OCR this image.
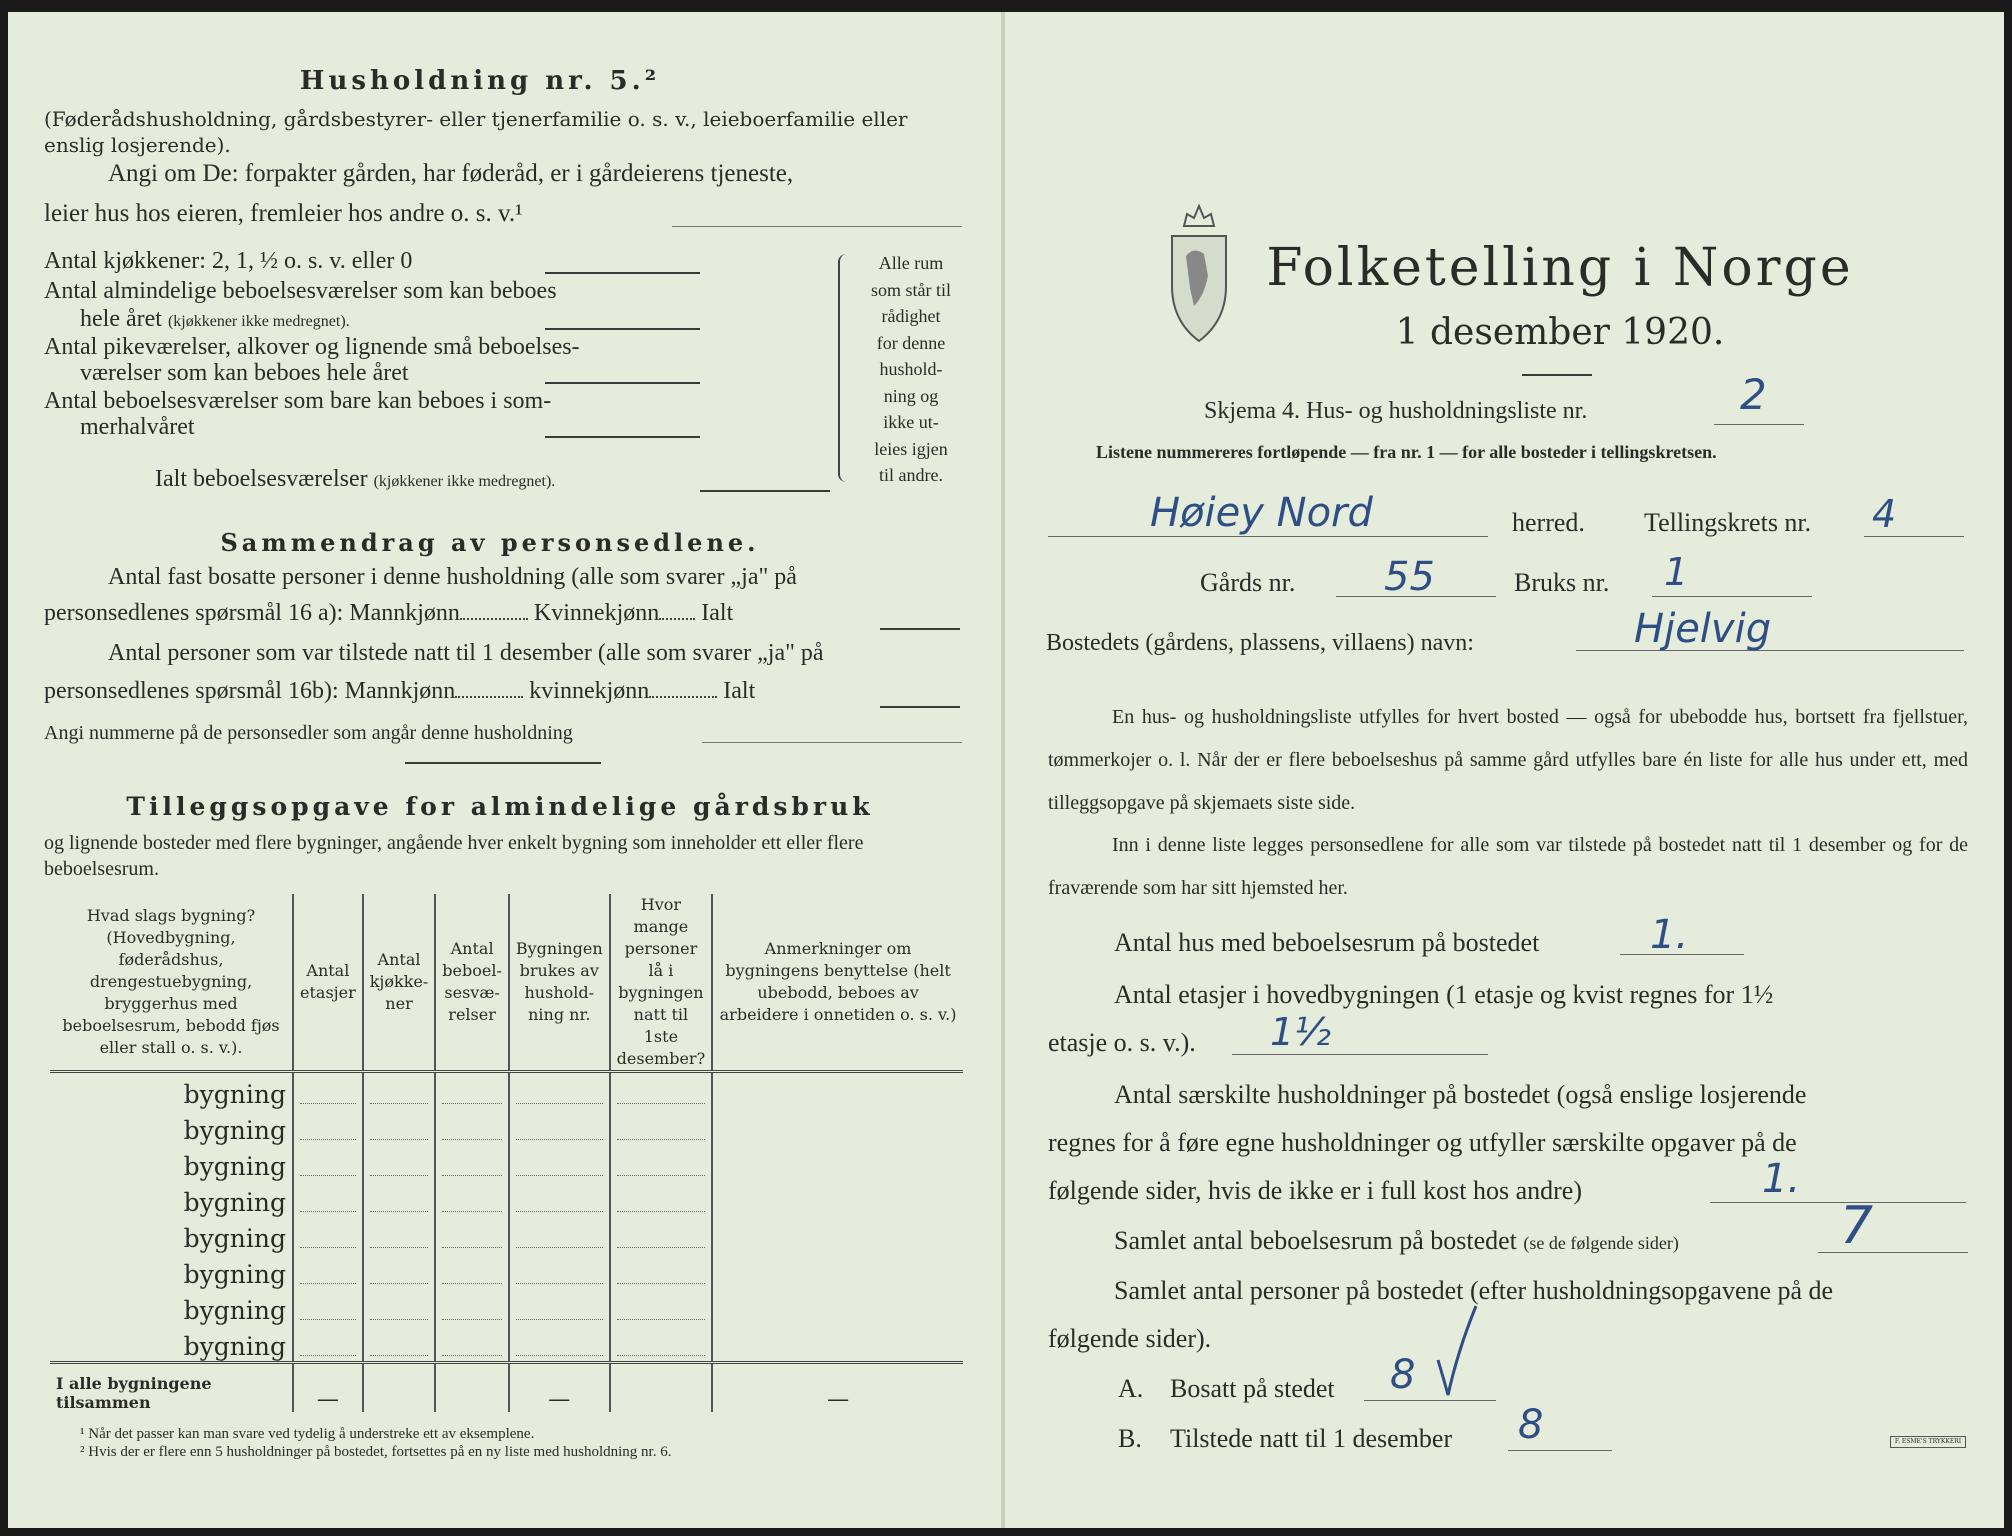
Husholdning nr. 5.²
(Føderådshusholdning, gårdsbestyrer- eller tjenerfamilie o. s. v., leieboerfamilie eller enslig losjerende).
Angi om De: forpakter gården, har føderåd, er i gårdeierens tjeneste,
leier hus hos eieren, fremleier hos andre o. s. v.¹
Antal kjøkkener: 2, 1, ½ o. s. v. eller 0
Antal almindelige beboelsesværelser som kan beboes
hele året (kjøkkener ikke medregnet).
Antal pikeværelser, alkover og lignende små beboelses-
værelser som kan beboes hele året
Antal beboelsesværelser som bare kan beboes i som-
merhalvåret
Ialt beboelsesværelser (kjøkkener ikke medregnet).
Alle rum
som står til
rådighet
for denne
hushold-
ning og
ikke ut-
leies igjen
til andre.
Sammendrag av personsedlene.
Antal fast bosatte personer i denne husholdning (alle som svarer „ja" på
personsedlenes spørsmål 16 a): Mannkjønn	Kvinnekjønn Ialt
Antal personer som var tilstede natt til 1 desember (alle som svarer „ja" på
personsedlenes spørsmål 16b): Mannkjønn	kvinnekjønn	Ialt
Angi nummerne på de personsedler som angår denne husholdning
Tilleggsopgave for almindelige gårdsbruk
og lignende bosteder med flere bygninger, angående hver enkelt bygning som inneholder ett eller flere beboelsesrum.
Hvad slags bygning? (Hovedbygning, føderådshus, drengestuebygning, bryggerhus med beboelsesrum, bebodd fjøs eller stall o. s. v.).	Antal etasjer	Antal kjøkke- ner	Antal beboel- sesvæ- relser	Bygningen brukes av hushold- ning nr.	Hvor mange personer lå i bygningen natt til 1ste desember?	Anmerkninger om bygningens benyttelse (helt ubebodd, beboes av arbeidere i onnetiden o. s. v.)
bygning						
bygning						
bygning						
bygning						
bygning						
bygning						
bygning						
bygning						
I alle bygningene tilsammen	—			—		—
¹ Når det passer kan man svare ved tydelig å understreke ett av eksemplene.
² Hvis der er flere enn 5 husholdninger på bostedet, fortsettes på en ny liste med husholdning nr. 6.
Folketelling i Norge
1 desember 1920.
Skjema 4. Hus- og husholdningsliste nr.	2
Listene nummereres fortløpende — fra nr. 1 — for alle bosteder i tellingskretsen.
Høiey Nord	herred. Tellingskrets nr. 4
Gårds nr. 55	Bruks nr. 1
Bostedets (gårdens, plassens, villaens) navn:	Hjelvig
En hus- og husholdningsliste utfylles for hvert bosted — også for ubebodde hus, bortsett fra fjellstuer, tømmerkojer o. l. Når der er flere beboelseshus på samme gård utfylles bare én liste for alle hus under ett, med tilleggsopgave på skjemaets siste side.
Inn i denne liste legges personsedlene for alle som var tilstede på bostedet natt til 1 desember og for de fraværende som har sitt hjemsted her.
Antal hus med beboelsesrum på bostedet	1.
Antal etasjer i hovedbygningen (1 etasje og kvist regnes for 1½
etasje o. s. v.). 1½
Antal særskilte husholdninger på bostedet (også enslige losjerende
regnes for å føre egne husholdninger og utfyller særskilte opgaver på de
følgende sider, hvis de ikke er i full kost hos andre)	1.
Samlet antal beboelsesrum på bostedet (se de følgende sider)	7
Samlet antal personer på bostedet (efter husholdningsopgavene på de
følgende sider).
A. Bosatt på stedet 8
B. Tilstede natt til 1 desember 8	F. ESME'S TRYKKERI
